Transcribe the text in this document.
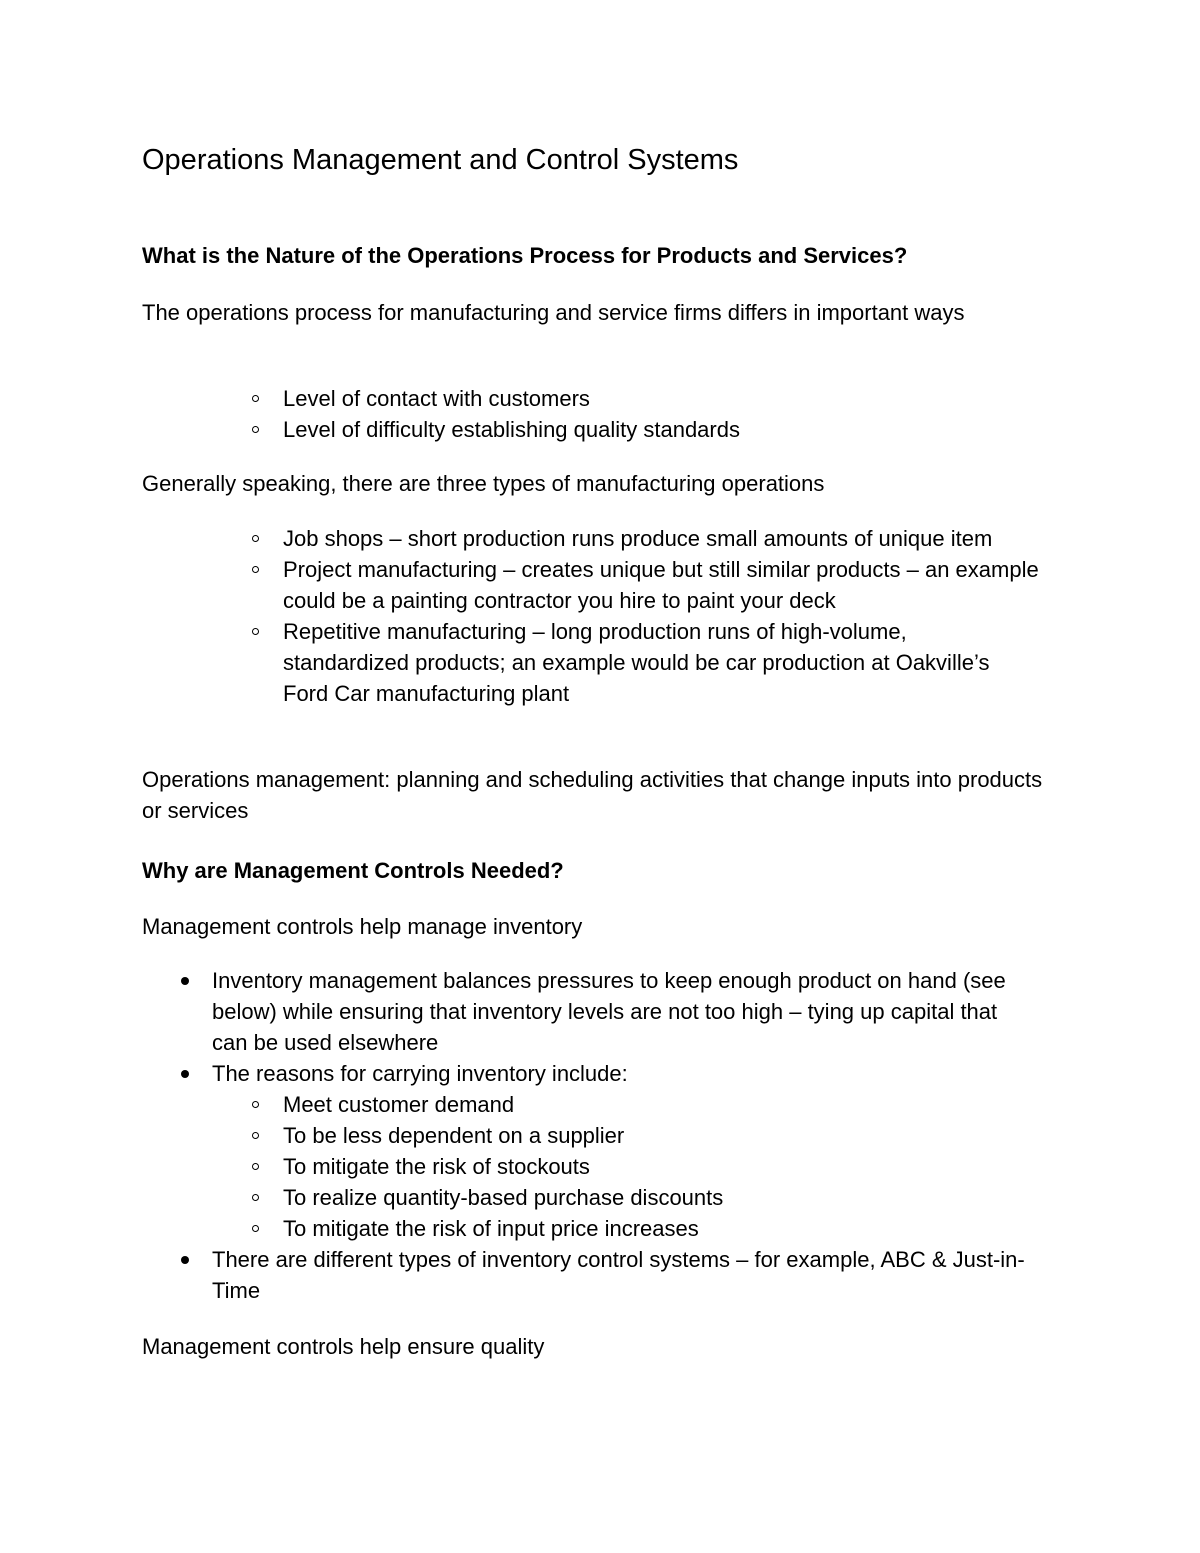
Operations Management and Control Systems
What is the Nature of the Operations Process for Products and Services?

The operations process for manufacturing and service firms differs in important ways

Level of contact with customers
Level of difficulty establishing quality standards

Generally speaking, there are three types of manufacturing operations

Job shops – short production runs produce small amounts of unique item
Project manufacturing – creates unique but still similar products – an example could be a painting contractor you hire to paint your deck
Repetitive manufacturing – long production runs of high-volume, standardized products; an example would be car production at Oakville’s Ford Car manufacturing plant

Operations management: planning and scheduling activities that change inputs into products or services

Why are Management Controls Needed?

Management controls help manage inventory

Inventory management balances pressures to keep enough product on hand (see below) while ensuring that inventory levels are not too high – tying up capital that can be used elsewhere
The reasons for carrying inventory include:
Meet customer demand
To be less dependent on a supplier
To mitigate the risk of stockouts
To realize quantity-based purchase discounts
To mitigate the risk of input price increases
There are different types of inventory control systems – for example, ABC & Just-in-Time

Management controls help ensure quality
